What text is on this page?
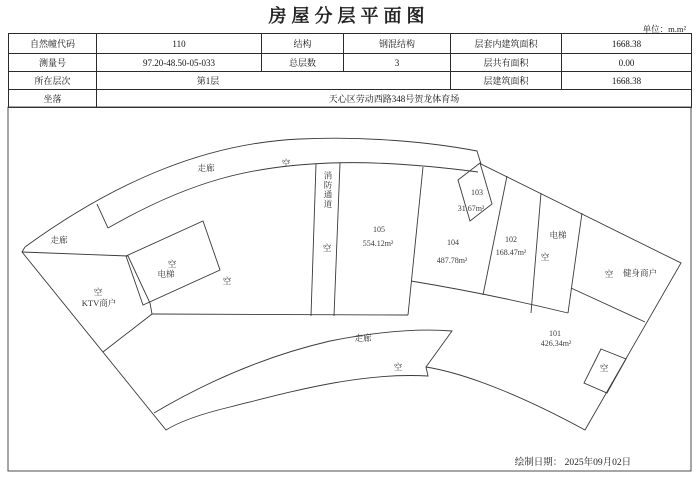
房屋分层平面图
单位：m.m²
自然幢代码	110	结构	钢混结构	层套内建筑面积	1668.38
测量号	97.20-48.50-05-033	总层数	3	层共有面积	0.00
所在层次	第1层			层建筑面积	1668.38
坐落	天心区劳动西路348号贺龙体育场				
走廊	空
走廊
空
KTV商户
空
电梯
空
消防通道
空
105
554.12m²	104
487.78m²
103
31.67m²
102
168.47m²
电梯
空
空 健身商户
走廊
空
101
426.34m²
空
绘制日期： 2025年09月02日
